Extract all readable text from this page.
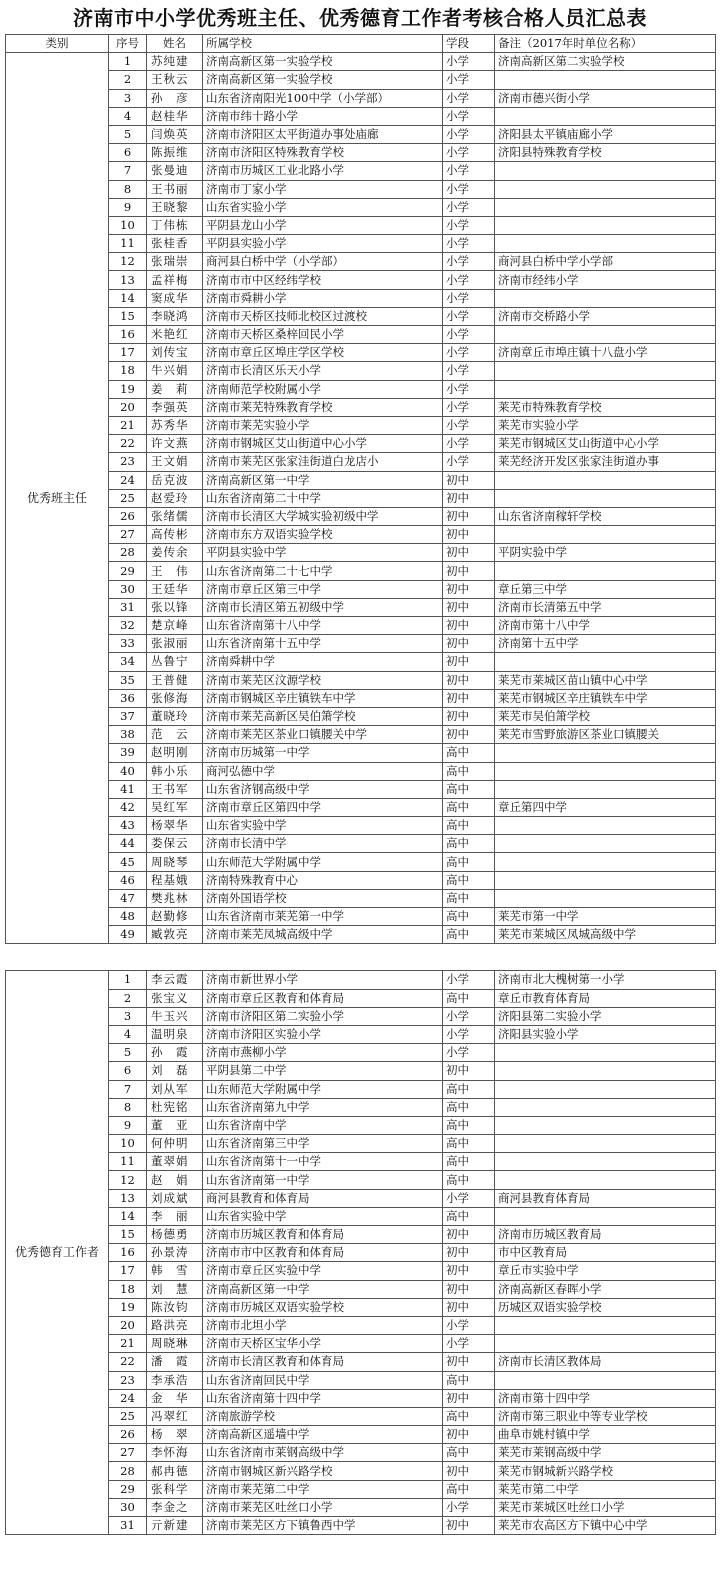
济南市中小学优秀班主任、优秀德育工作者考核合格人员汇总表
类别	序号	姓名	所属学校	学段	备注（2017年时单位名称）
优秀班主任	1	苏纯建	济南高新区第一实验学校	小学	济南高新区第二实验学校
	2	王秋云	济南高新区第一实验学校	小学	
	3	孙　彦	山东省济南阳光100中学（小学部）	小学	济南市德兴街小学
	4	赵桂华	济南市纬十路小学	小学	
	5	闫焕英	济南市济阳区太平街道办事处庙廊	小学	济阳县太平镇庙廊小学
	6	陈振维	济南市济阳区特殊教育学校	小学	济阳县特殊教育学校
	7	张曼迪	济南市历城区工业北路小学	小学	
	8	王书丽	济南市丁家小学	小学	
	9	王晓黎	山东省实验小学	小学	
	10	丁伟栋	平阴县龙山小学	小学	
	11	张桂香	平阴县实验小学	小学	
	12	张瑞崇	商河县白桥中学（小学部）	小学	商河县白桥中学小学部
	13	孟祥梅	济南市市中区经纬学校	小学	济南市经纬小学
	14	窦成华	济南市舜耕小学	小学	
	15	李晓鸿	济南市天桥区技师北校区过渡校	小学	济南市交桥路小学
	16	米艳红	济南市天桥区桑梓回民小学	小学	
	17	刘传宝	济南市章丘区埠庄学区学校	小学	济南章丘市埠庄镇十八盘小学
	18	牛兴娟	济南市长清区乐天小学	小学	
	19	姜　莉	济南师范学校附属小学	小学	
	20	李强英	济南市莱芜特殊教育学校	小学	莱芜市特殊教育学校
	21	苏秀华	济南市莱芜实验小学	小学	莱芜市实验小学
	22	许文燕	济南市钢城区艾山街道中心小学	小学	莱芜市钢城区艾山街道中心小学
	23	王文娟	济南市莱芜区张家洼街道白龙店小	小学	莱芜经济开发区张家洼街道办事
	24	岳克波	济南高新区第一中学	初中	
	25	赵爱玲	山东省济南第二十中学	初中	
	26	张绪儒	济南市长清区大学城实验初级中学	初中	山东省济南稼轩学校
	27	高传彬	济南市东方双语实验学校	初中	
	28	姜传余	平阴县实验中学	初中	平阴实验中学
	29	王　伟	山东省济南第二十七中学	初中	
	30	王廷华	济南市章丘区第三中学	初中	章丘第三中学
	31	张以锋	济南市长清区第五初级中学	初中	济南市长清第五中学
	32	楚京峰	山东省济南第十八中学	初中	济南市第十八中学
	33	张淑丽	山东省济南第十五中学	初中	济南第十五中学
	34	丛鲁宁	济南舜耕中学	初中	
	35	王普健	济南市莱芜区汶源学校	初中	莱芜市莱城区苗山镇中心中学
	36	张修海	济南市钢城区辛庄镇铁车中学	初中	莱芜市钢城区辛庄镇铁车中学
	37	董晓玲	济南市莱芜高新区吴伯箫学校	初中	莱芜市吴伯箫学校
	38	范　云	济南市莱芜区茶业口镇腰关中学	初中	莱芜市雪野旅游区茶业口镇腰关
	39	赵明刚	济南市历城第一中学	高中	
	40	韩小乐	商河弘德中学	高中	
	41	王书军	山东省济钢高级中学	高中	
	42	吴红军	济南市章丘区第四中学	高中	章丘第四中学
	43	杨翠华	山东省实验中学	高中	
	44	娄保云	济南市长清中学	高中	
	45	周晓琴	山东师范大学附属中学	高中	
	46	程基娥	济南特殊教育中心	高中	
	47	樊兆林	济南外国语学校	高中	
	48	赵勤修	山东省济南市莱芜第一中学	高中	莱芜市第一中学
	49	臧敦亮	济南市莱芜凤城高级中学	高中	莱芜市莱城区凤城高级中学
优秀德育工作者	1	李云霞	济南市新世界小学	小学	济南市北大槐树第一小学
	2	张宝义	济南市章丘区教育和体育局	高中	章丘市教育体育局
	3	牛玉兴	济南市济阳区第二实验小学	小学	济阳县第二实验小学
	4	温明泉	济南市济阳区实验小学	小学	济阳县实验小学
	5	孙　霞	济南市燕柳小学	小学	
	6	刘　磊	平阴县第二中学	初中	
	7	刘从军	山东师范大学附属中学	高中	
	8	杜宪铭	山东省济南第九中学	高中	
	9	董　亚	山东省济南中学	高中	
	10	何仲明	山东省济南第三中学	高中	
	11	董翠娟	山东省济南第十一中学	高中	
	12	赵　娟	山东省济南第一中学	高中	
	13	刘成斌	商河县教育和体育局	小学	商河县教育体育局
	14	李　丽	山东省实验中学	高中	
	15	杨德勇	济南市历城区教育和体育局	初中	济南市历城区教育局
	16	孙景涛	济南市市中区教育和体育局	初中	市中区教育局
	17	韩　雪	济南市章丘区实验中学	初中	章丘市实验中学
	18	刘　慧	济南高新区第一中学	初中	济南高新区春晖小学
	19	陈汝钧	济南市历城区双语实验学校	初中	历城区双语实验学校
	20	路洪亮	济南市北坦小学	小学	
	21	周晓琳	济南市天桥区宝华小学	小学	
	22	潘　霞	济南市长清区教育和体育局	初中	济南市长清区教体局
	23	李承浩	山东省济南回民中学	高中	
	24	金　华	山东省济南第十四中学	初中	济南市第十四中学
	25	冯翠红	济南旅游学校	高中	济南市第三职业中等专业学校
	26	杨　翠	济南高新区遥墙中学	初中	曲阜市姚村镇中学
	27	李怀海	山东省济南市莱钢高级中学	高中	莱芜市莱钢高级中学
	28	郝冉德	济南市钢城区新兴路学校	初中	莱芜市钢城新兴路学校
	29	张科学	济南市莱芜第二中学	高中	莱芜市第二中学
	30	李金之	济南市莱芜区吐丝口小学	小学	莱芜市莱城区吐丝口小学
	31	亓新建	济南市莱芜区方下镇鲁西中学	初中	莱芜市农高区方下镇中心中学
